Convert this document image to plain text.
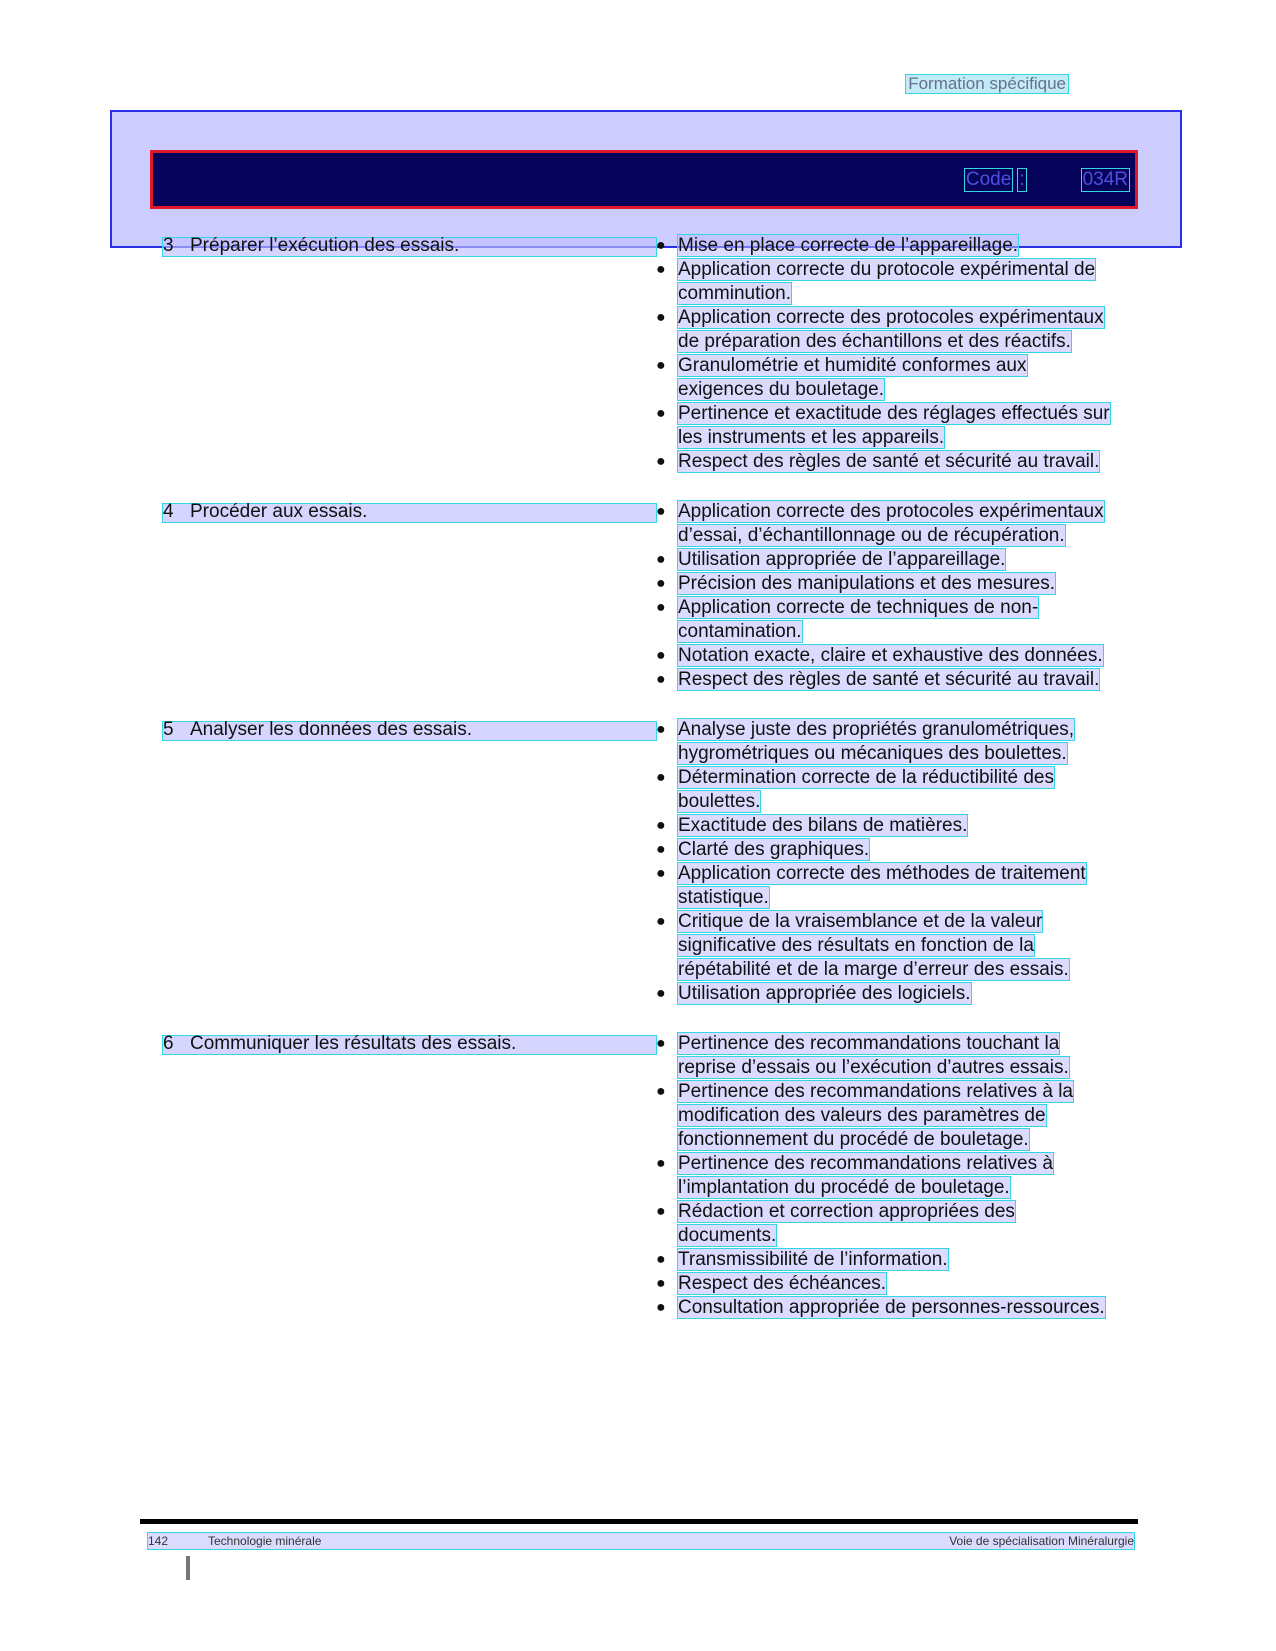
Formation spécifique
Code :	034R
3 Préparer l’exécution des essais.	● Mise en place correcte de l’appareillage.
● Application correcte du protocole expérimental de comminution.
● Application correcte des protocoles expérimentaux de préparation des échantillons et des réactifs.
● Granulométrie et humidité conformes aux exigences du bouletage.
● Pertinence et exactitude des réglages effectués sur les instruments et les appareils.
● Respect des règles de santé et sécurité au travail.
4 Procéder aux essais.	● Application correcte des protocoles expérimentaux d’essai, d’échantillonnage ou de récupération.
● Utilisation appropriée de l’appareillage.
● Précision des manipulations et des mesures.
● Application correcte de techniques de non-contamination.
● Notation exacte, claire et exhaustive des données.
● Respect des règles de santé et sécurité au travail.
5 Analyser les données des essais.	● Analyse juste des propriétés granulométriques, hygrométriques ou mécaniques des boulettes.
● Détermination correcte de la réductibilité des boulettes.
● Exactitude des bilans de matières.
● Clarté des graphiques.
● Application correcte des méthodes de traitement statistique.
● Critique de la vraisemblance et de la valeur significative des résultats en fonction de la répétabilité et de la marge d’erreur des essais.
● Utilisation appropriée des logiciels.
6 Communiquer les résultats des essais.	● Pertinence des recommandations touchant la reprise d’essais ou l’exécution d’autres essais.
● Pertinence des recommandations relatives à la modification des valeurs des paramètres de fonctionnement du procédé de bouletage.
● Pertinence des recommandations relatives à l’implantation du procédé de bouletage.
● Rédaction et correction appropriées des documents.
● Transmissibilité de l’information.
● Respect des échéances.
● Consultation appropriée de personnes-ressources.
142	Technologie minérale	Voie de spécialisation Minéralurgie
